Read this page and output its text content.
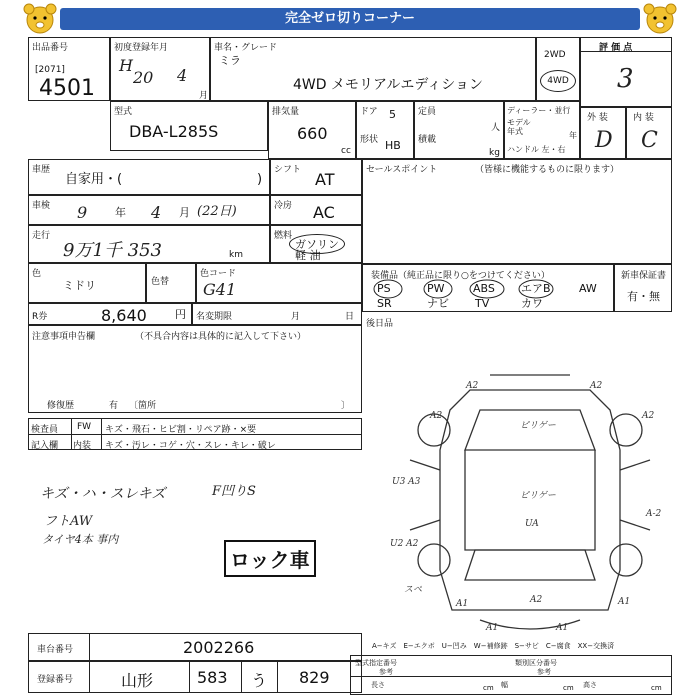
完全ゼロ切りコーナー
出品番号
[2071]
4501
初度登録年月
H
20 4
月
車名・グレード
ミラ
4WD メモリアルエディション
2WD
4WD
評 価 点
3
型式
DBA-L285S
排気量
660
cc
ドア 5
形状 HB
定員
人
積載
kg
ディーラー・並行
モデル年式	年
ハンドル 左・右
外 装
D
内 装
C
車歴
自家用・(	)
シフト AT	セールスポイント	（皆様に機能するものに限ります）
車検 9	年 4 月 (22日)	冷房 AC
走行
9万1千 353	km
燃料
ガソリン
軽 油
色
ミドリ	色替
色コード
G41
装備品（純正品に限り○をつけてください）
PS	PW	ABS エアB	AW
SR	ナビ TV	カワ
新車保証書
有・無
R券	8,640	円 名変期限	月	日
後日品
注意事項申告欄	（不具合内容は具体的に記入して下さい）
修復歴	有 〔箇所	〕
検査員 FW キズ・飛石・ヒビ割・リペア跡・×要
記入欄 内装 キズ・汚レ・コゲ・穴・スレ・キレ・破レ
キズ・ハ・スレキズ
フトAW
タイヤ4本 事内
F凹りS
ロック車
A2	A2
A2	A2
ピリゲー
ピリゲー
U3 A3
U2 A2
UA
A1	A2	A1
A1	A1
A-2
スペ
A−キズ　E−エクボ　U−凹み　W−補修跡　S−サビ　C−腐食　XX−交換済
車台番号	2002266
登録番号	山形	583 う 829
型式指定番号
参考
類別区分番号
参考
長さ	cm 幅	cm 高さ	cm
